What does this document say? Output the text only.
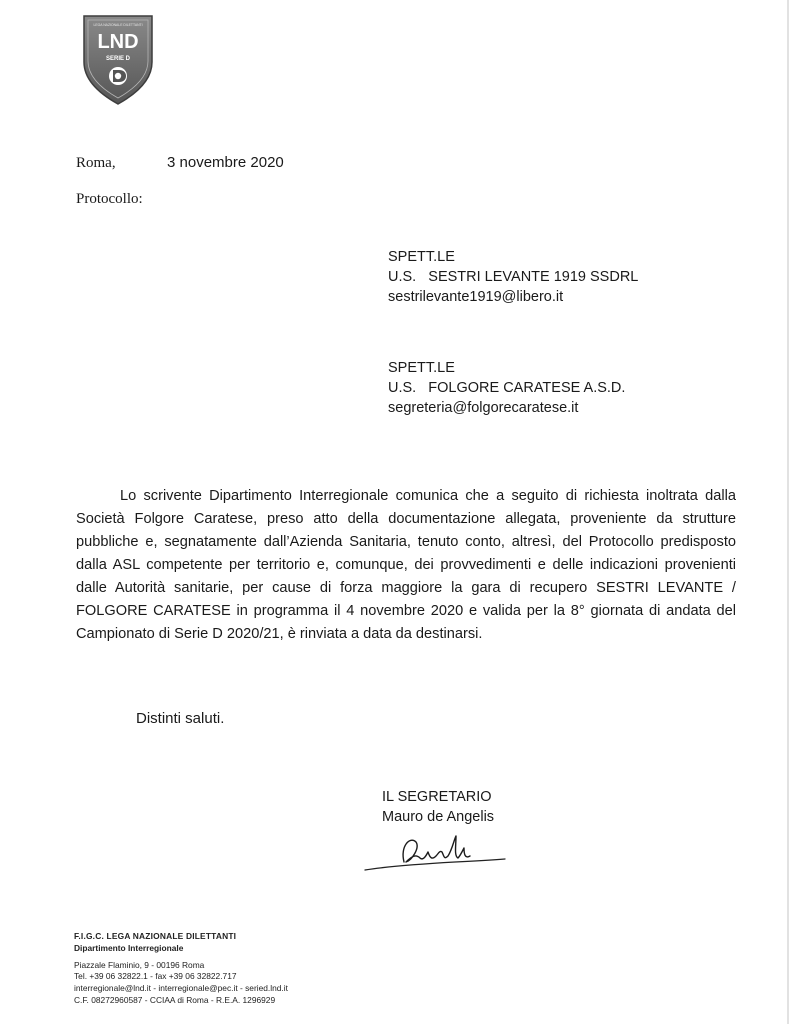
LEGA NAZIONALE DILETTANTI
LND
SERIE D
Roma,	3 novembre 2020
Protocollo:
SPETT.LE
U.S.   SESTRI LEVANTE 1919 SSDRL
sestrilevante1919@libero.it
SPETT.LE
U.S.   FOLGORE CARATESE A.S.D.
segreteria@folgorecaratese.it

Lo scrivente Dipartimento Interregionale comunica che a seguito di richiesta inoltrata dalla Società Folgore Caratese, preso atto della documentazione allegata, proveniente da strutture pubbliche e, segnatamente dall’Azienda Sanitaria, tenuto conto, altresì, del Protocollo predisposto dalla ASL competente per territorio e, comunque, dei provvedimenti e delle indicazioni provenienti dalle Autorità sanitarie, per cause di forza maggiore la gara di recupero SESTRI LEVANTE / FOLGORE CARATESE in programma il 4 novembre 2020 e valida per la 8° giornata di andata del Campionato di Serie D 2020/21, è rinviata a data da destinarsi.

Distinti saluti.
IL SEGRETARIO
Mauro de Angelis
F.I.G.C. LEGA NAZIONALE DILETTANTI
Dipartimento Interregionale
Piazzale Flaminio, 9 - 00196 Roma
Tel. +39 06 32822.1 - fax +39 06 32822.717
interregionale@lnd.it - interregionale@pec.it - seried.lnd.it
C.F. 08272960587 - CCIAA di Roma - R.E.A. 1296929
